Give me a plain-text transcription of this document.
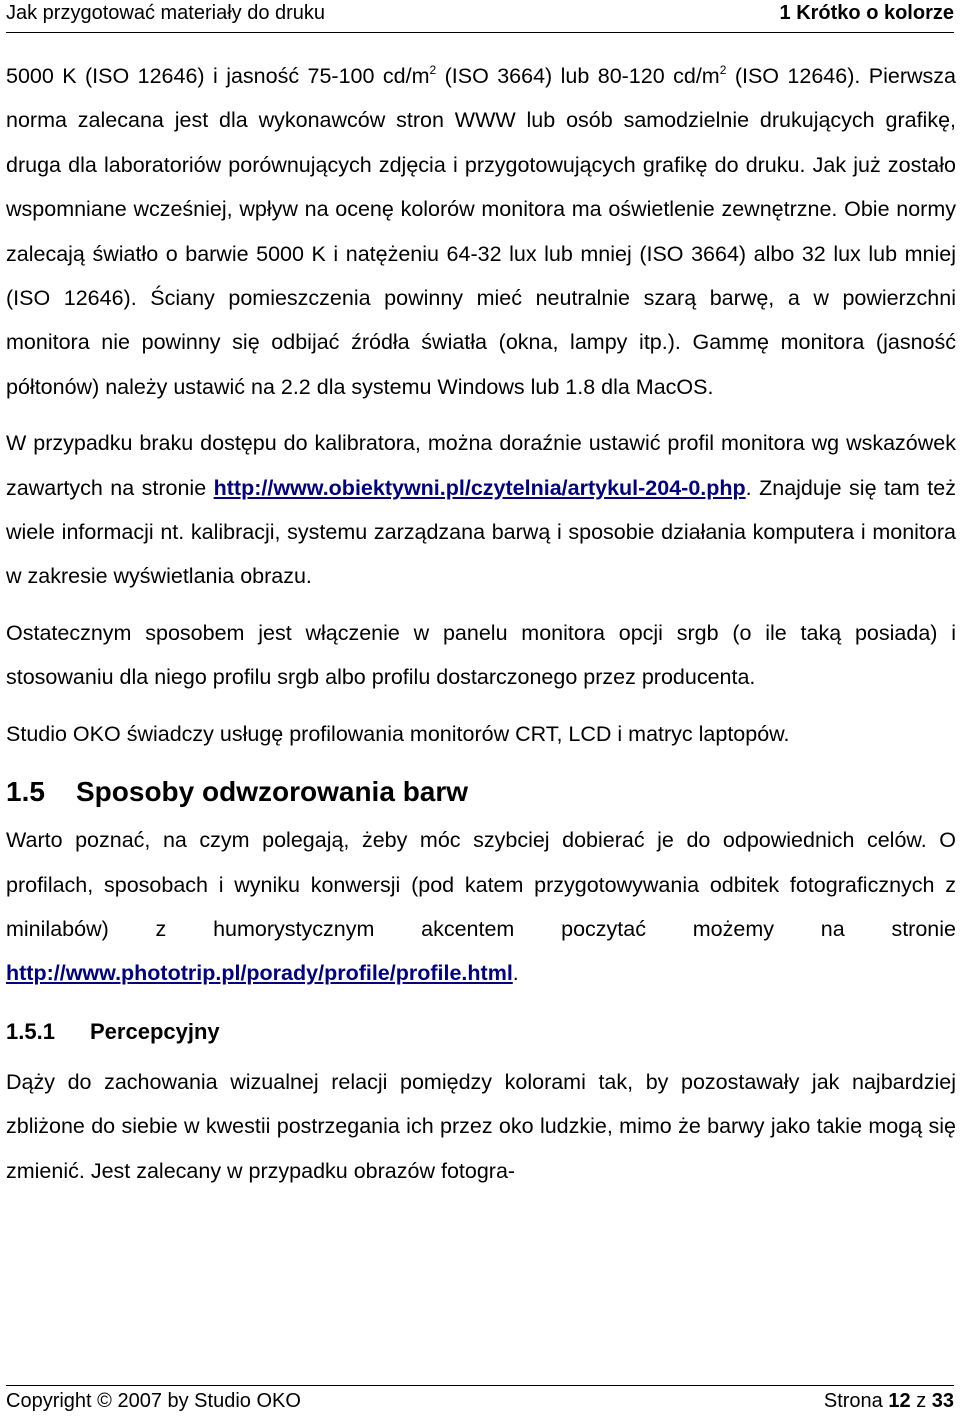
Jak przygotować materiały do druku	1 Krótko o kolorze

5000 K (ISO 12646) i jasność 75-100 $cd/m^2$ (ISO 3664) lub 80-120 $cd/m^2$ (ISO 12646). Pierwsza norma zalecana jest dla wykonawców stron WWW lub osób samodzielnie drukujących grafikę, druga dla laboratoriów porównujących zdjęcia i przygotowujących grafikę do druku. Jak już zostało wspomniane wcześniej, wpływ na ocenę kolorów monitora ma oświetlenie zewnętrzne. Obie normy zalecają światło o barwie 5000 K i natężeniu 64-32 lux lub mniej (ISO 3664) albo 32 lux lub mniej (ISO 12646). Ściany pomieszczenia powinny mieć neutralnie szarą barwę, a w powierzchni monitora nie powinny się odbijać źródła światła (okna, lampy itp.). Gammę monitora (jasność półtonów) należy ustawić na 2.2 dla systemu Windows lub 1.8 dla MacOS.

W przypadku braku dostępu do kalibratora, można doraźnie ustawić profil monitora wg wskazówek zawartych na stronie http://www.obiektywni.pl/czytelnia/artykul-204-0.php. Znajduje się tam też wiele informacji nt. kalibracji, systemu zarządzana barwą i sposobie działania komputera i monitora w zakresie wyświetlania obrazu.

Ostatecznym sposobem jest włączenie w panelu monitora opcji srgb (o ile taką posiada) i stosowaniu dla niego profilu srgb albo profilu dostarczonego przez producenta.

Studio OKO świadczy usługę profilowania monitorów CRT, LCD i matryc laptopów.

1.5	Sposoby odwzorowania barw

Warto poznać, na czym polegają, żeby móc szybciej dobierać je do odpowiednich celów. O profilach, sposobach i wyniku konwersji (pod katem przygotowywania odbitek fotograficznych z minilabów) z humorystycznym akcentem poczytać możemy na stronie http://www.phototrip.pl/porady/profile/profile.html.

1.5.1	Percepcyjny

Dąży do zachowania wizualnej relacji pomiędzy kolorami tak, by pozostawały jak najbardziej zbliżone do siebie w kwestii postrzegania ich przez oko ludzkie, mimo że barwy jako takie mogą się zmienić. Jest zalecany w przypadku obrazów fotogra-

Copyright © 2007 by Studio OKO	Strona 12 z 33
